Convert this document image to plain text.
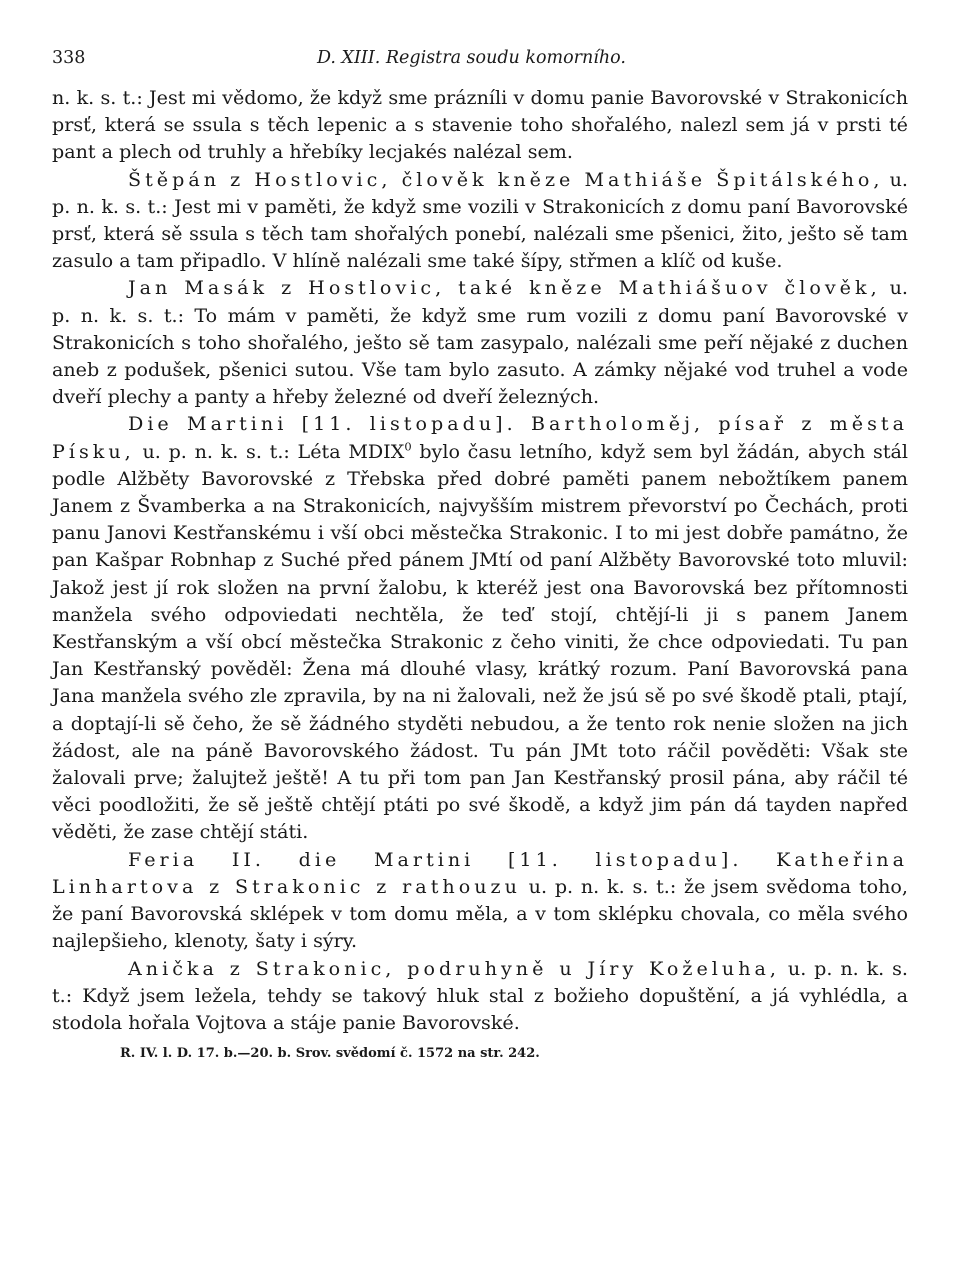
338	D. XIII. Registra soudu komorního.

n. k. s. t.: Jest mi vědomo, že když sme prázníli v domu panie Bavorovské v Strakonicích prsť, která se ssula s těch lepenic a s stavenie toho shořalého, nalezl sem já v prsti té pant a plech od truhly a hřebíky lecjakés nalézal sem.

Štěpán z Hostlovic, člověk kněze Mathiáše Špitálského, u. p. n. k. s. t.: Jest mi v paměti, že když sme vozili v Strakonicích z domu paní Bavorovské prsť, která sě ssula s těch tam shořalých ponebí, nalézali sme pšenici, žito, ješto sě tam zasulo a tam připadlo. V hlíně nalézali sme také šípy, střmen a klíč od kuše.

Jan Masák z Hostlovic, také kněze Mathiášuov člověk, u. p. n. k. s. t.: To mám v paměti, že když sme rum vozili z domu paní Bavorovské v Strakonicích s toho shořalého, ješto sě tam zasypalo, nalézali sme peří nějaké z duchen aneb z podušek, pšenici sutou. Vše tam bylo zasuto. A zámky nějaké vod truhel a vode dveří plechy a panty a hřeby železné od dveří železných.

Die Martini [11. listopadu]. Bartholoměj, písař z města Písku, u. p. n. k. s. t.: Léta MDIX$^0$ bylo času letního, když sem byl žádán, abych stál podle Alžběty Bavorovské z Třebska před dobré paměti panem nebožtíkem panem Janem z Švamberka a na Strakonicích, najvyšším mistrem převorství po Čechách, proti panu Janovi Kestřanskému i vší obci městečka Strakonic. I to mi jest dobře památno, že pan Kašpar Robnhap z Suché před pánem JMtí od paní Alžběty Bavorovské toto mluvil: Jakož jest jí rok složen na první žalobu, k kteréž jest ona Bavorovská bez přítomnosti manžela svého odpoviedati nechtěla, že teď stojí, chtějí-li ji s panem Janem Kestřanským a vší obcí městečka Strakonic z čeho viniti, že chce odpoviedati. Tu pan Jan Kestřanský pověděl: Žena má dlouhé vlasy, krátký rozum. Paní Bavorovská pana Jana manžela svého zle zpravila, by na ni žalovali, než že jsú sě po své škodě ptali, ptají, a doptají-li sě čeho, že sě žádného styděti nebudou, a že tento rok nenie složen na jich žádost, ale na páně Bavorovského žádost. Tu pán JMt toto ráčil pověděti: Však ste žalovali prve; žalujtež ještě! A tu při tom pan Jan Kestřanský prosil pána, aby ráčil té věci poodložiti, že sě ještě chtějí ptáti po své škodě, a když jim pán dá tayden napřed věděti, že zase chtějí státi.

Feria II. die Martini [11. listopadu]. Katheřina Linhartova z Strakonic z rathouzu u. p. n. k. s. t.: že jsem svědoma toho, že paní Bavorovská sklépek v tom domu měla, a v tom sklépku chovala, co měla svého najlepšieho, klenoty, šaty i sýry.

Anička z Strakonic, podruhyně u Jíry Koželuha, u. p. n. k. s. t.: Když jsem ležela, tehdy se takový hluk stal z božieho dopuštění, a já vyhlédla, a stodola hořala Vojtova a stáje panie Bavorovské.

R. IV. l. D. 17. b.—20. b. Srov. svědomí č. 1572 na str. 242.
